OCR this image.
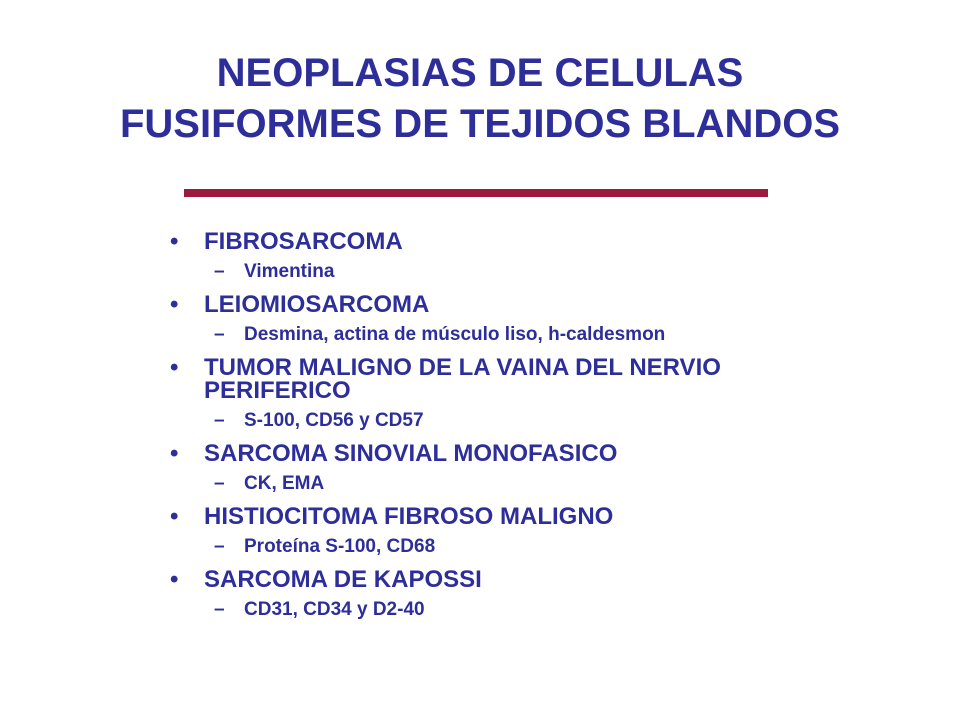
NEOPLASIAS DE CELULAS
FUSIFORMES DE TEJIDOS BLANDOS
• FIBROSARCOMA
– Vimentina
• LEIOMIOSARCOMA
– Desmina, actina de músculo liso, h-caldesmon
• TUMOR MALIGNO DE LA VAINA DEL NERVIO PERIFERICO
– S-100, CD56 y CD57
• SARCOMA SINOVIAL MONOFASICO
– CK, EMA
• HISTIOCITOMA FIBROSO MALIGNO
– Proteína S-100, CD68
• SARCOMA DE KAPOSSI
– CD31, CD34 y D2-40
